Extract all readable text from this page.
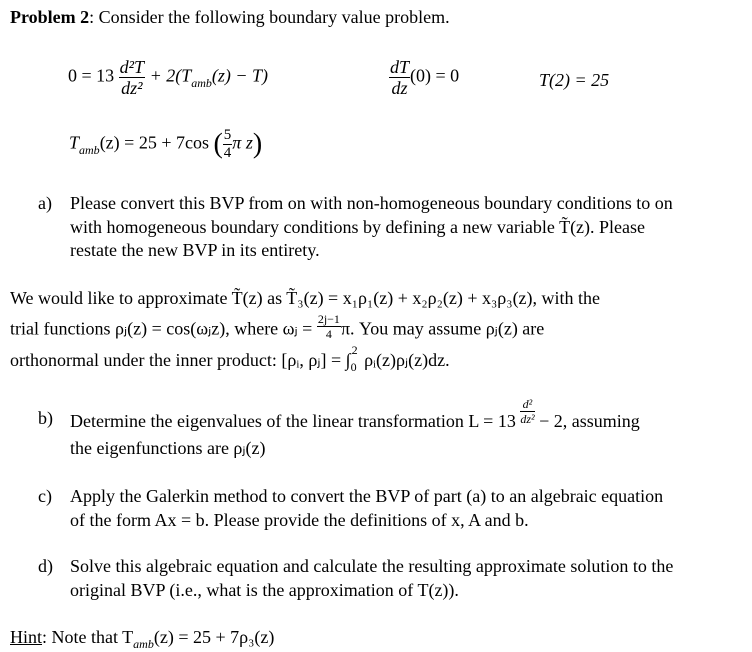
Problem 2: Consider the following boundary value problem.
$0 = 13 \frac{\text{d²T}}{\text{dz²}} + 2(T_{amb}(z) - T)$	$\frac{dT}{dz} (0) = 0$	T(2) = 25
$T_{amb}(z) = 25 + 7\cos$ ( $\frac{5}{4}$ π z)
a) Please convert this BVP from on with non-homogeneous boundary conditions to on
with homogeneous boundary conditions by defining a new variable T̃(z). Please
restate the new BVP in its entirety.
We would like to approximate T̃(z) as T̃₃(z) = x₁ρ₁(z) + x₂ρ₂(z) + x₃ρ₃(z), with the
trial functions ρⱼ(z) = cos(ωⱼz), where ωⱼ = $\frac{2j-1}{4} \pi$. You may assume ρⱼ(z) are
orthonormal under the inner product: [ρᵢ, ρⱼ] = ∫ 2
0 ρᵢ(z)ρⱼ(z)dz.
b) Determine the eigenvalues of the linear transformation $L = 13 \frac{\text{d²}}{\text{dz²}} - 2$, assuming
the eigenfunctions are ρⱼ(z)
c) Apply the Galerkin method to convert the BVP of part (a) to an algebraic equation
of the form Ax = b. Please provide the definitions of x, A and b.
d) Solve this algebraic equation and calculate the resulting approximate solution to the
original BVP (i.e., what is the approximation of T(z)).
Hint: Note that $T_{amb}(z) = 25 + 7\rho_3(z)$
